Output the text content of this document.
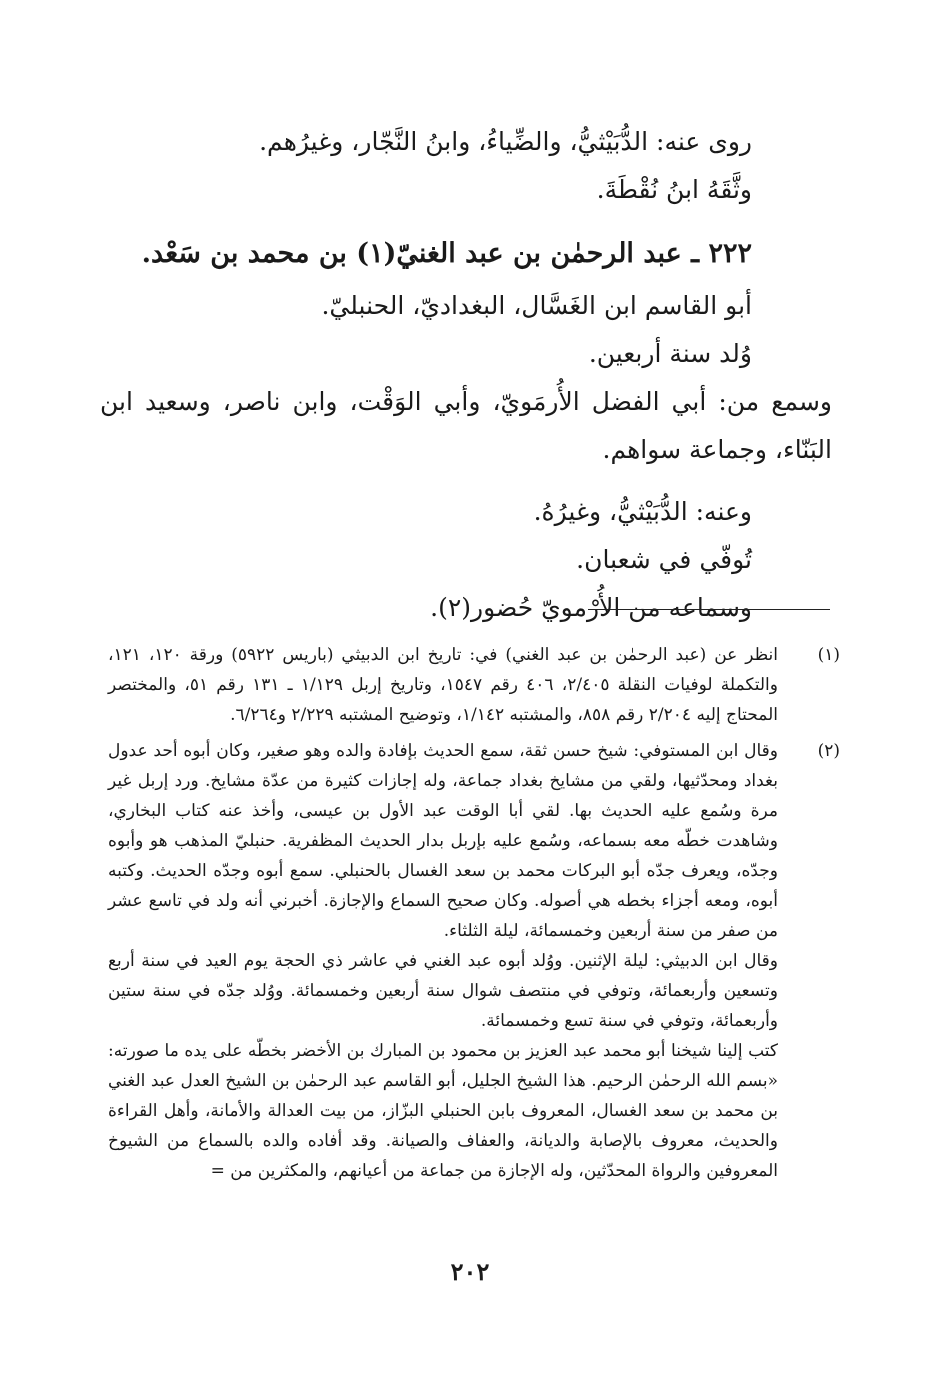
روى عنه: الدُّبَيْثيُّ، والضِّياءُ، وابنُ النَّجّار، وغيرُهم.

وثَّقَهُ ابنُ نُقْطَةَ.

٢٢٢ ـ عبد الرحمٰن بن عبد الغنيّ(١) بن محمد بن سَعْد.

أبو القاسم ابن الغَسَّال، البغداديّ، الحنبليّ.

وُلد سنة أربعين.

وسمع من: أبي الفضل الأُرمَويّ، وأبي الوَقْت، وابن ناصر، وسعيد ابن البَنّاء، وجماعة سواهم.

وعنه: الدُّبَيْثيُّ، وغيرُهُ.

تُوفّي في شعبان.

وسماعه من الأُرْمويّ حُضور(٢).

(١)

انظر عن (عبد الرحمٰن بن عبد الغني) في: تاريخ ابن الدبيثي (باريس ٥٩٢٢) ورقة ١٢٠، ١٢١، والتكملة لوفيات النقلة ٢/٤٠٥، ٤٠٦ رقم ١٥٤٧، وتاريخ إربل ١/١٢٩ ـ ١٣١ رقم ٥١، والمختصر المحتاج إليه ٢/٢٠٤ رقم ٨٥٨، والمشتبه ١/١٤٢، وتوضيح المشتبه ٢/٢٢٩ و٦/٢٦٤.

(٢)

وقال ابن المستوفي: شيخ حسن ثقة، سمع الحديث بإفادة والده وهو صغير، وكان أبوه أحد عدول بغداد ومحدّثيها، ولقي من مشايخ بغداد جماعة، وله إجازات كثيرة من عدّة مشايخ. ورد إربل غير مرة وسُمع عليه الحديث بها. لقي أبا الوقت عبد الأول بن عيسى، وأخذ عنه كتاب البخاري، وشاهدت خطّه معه بسماعه، وسُمع عليه بإربل بدار الحديث المظفرية. حنبليّ المذهب هو وأبوه وجدّه، ويعرف جدّه أبو البركات محمد بن سعد الغسال بالحنبلي. سمع أبوه وجدّه الحديث. وكتبه أبوه، ومعه أجزاء بخطه هي أصوله. وكان صحيح السماع والإجازة. أخبرني أنه ولد في تاسع عشر من صفر من سنة أربعين وخمسمائة، ليلة الثلثاء.

وقال ابن الدبيثي: ليلة الإثنين. ووُلد أبوه عبد الغني في عاشر ذي الحجة يوم العيد في سنة أربع وتسعين وأربعمائة، وتوفي في منتصف شوال سنة أربعين وخمسمائة. ووُلد جدّه في سنة ستين وأربعمائة، وتوفي في سنة تسع وخمسمائة.

كتب إلينا شيخنا أبو محمد عبد العزيز بن محمود بن المبارك بن الأخضر بخطّه على يده ما صورته: «بسم الله الرحمٰن الرحيم. هذا الشيخ الجليل، أبو القاسم عبد الرحمٰن بن الشيخ العدل عبد الغني بن محمد بن سعد الغسال، المعروف بابن الحنبلي البزّاز، من بيت العدالة والأمانة، وأهل القراءة والحديث، معروف بالإصابة والديانة، والعفاف والصيانة. وقد أفاده والده بالسماع من الشيوخ المعروفين والرواة المحدّثين، وله الإجازة من جماعة من أعيانهم، والمكثرين من =

٢٠٢
